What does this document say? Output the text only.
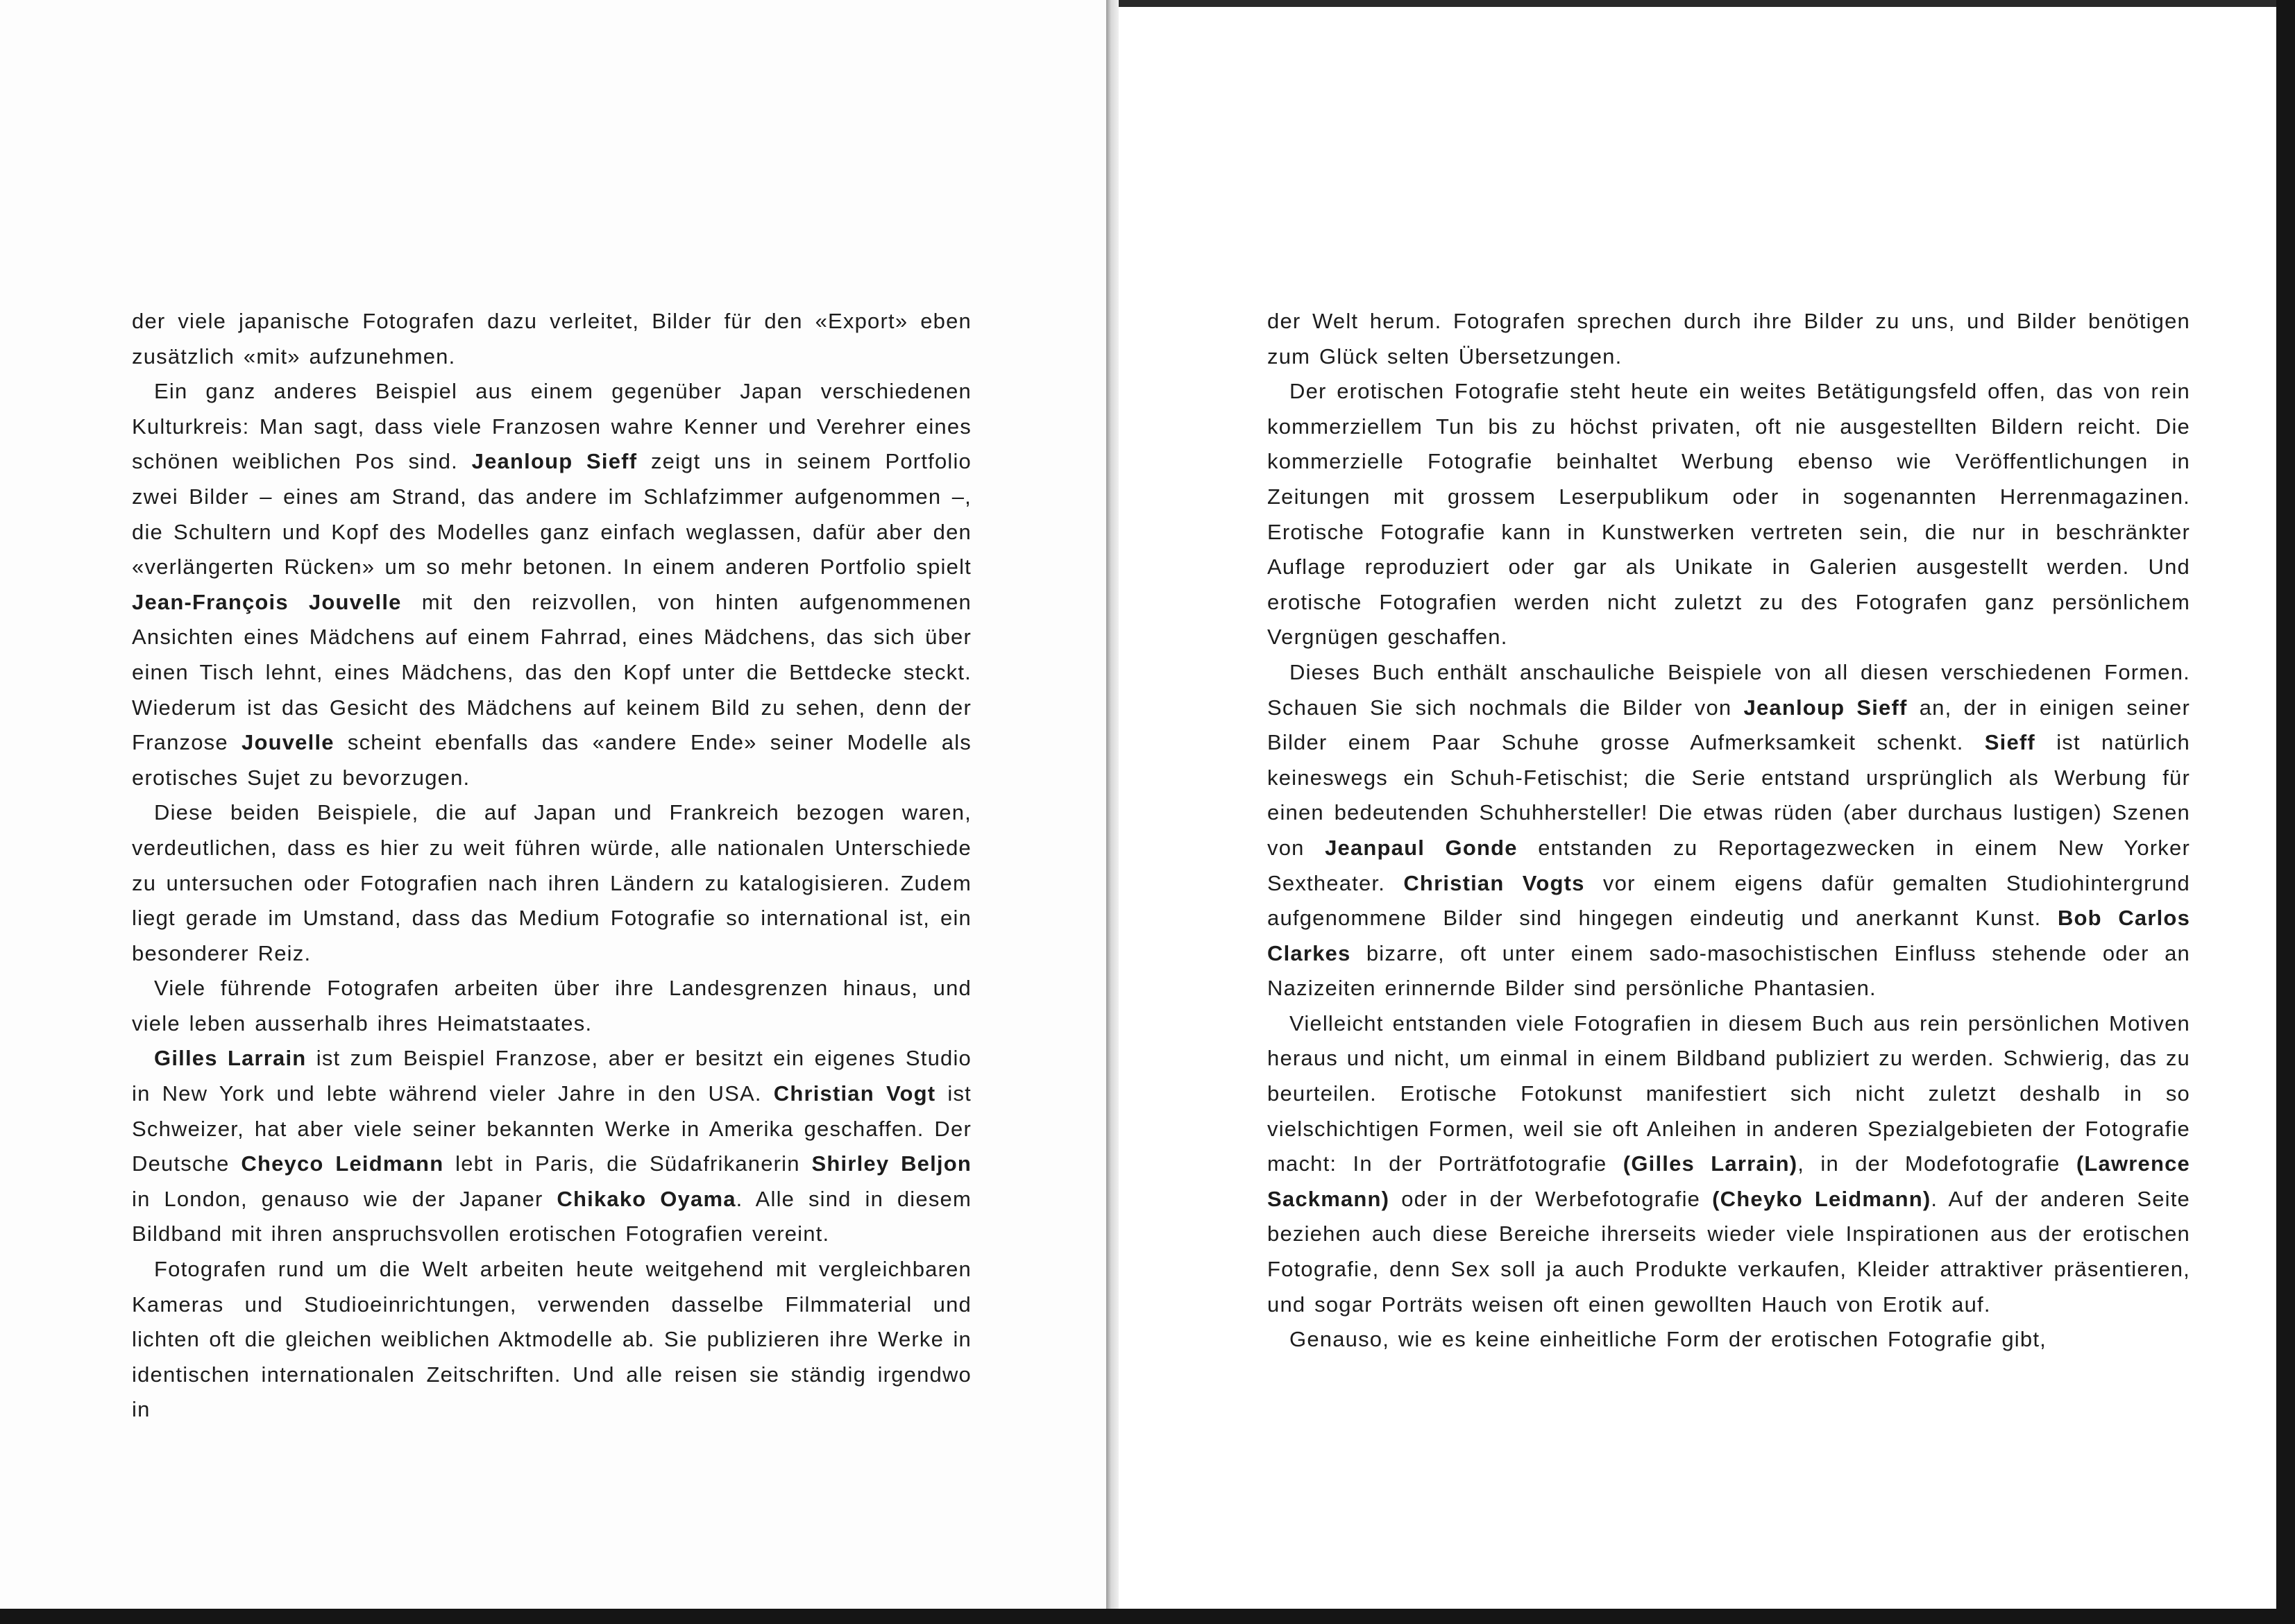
der viele japanische Fotografen dazu verleitet, Bilder für den «Export» eben zusätzlich «mit» aufzunehmen.

Ein ganz anderes Beispiel aus einem gegenüber Japan verschiedenen Kulturkreis: Man sagt, dass viele Franzosen wahre Kenner und Verehrer eines schönen weiblichen Pos sind. Jeanloup Sieff zeigt uns in seinem Portfolio zwei Bilder – eines am Strand, das andere im Schlafzimmer aufgenommen –, die Schultern und Kopf des Modelles ganz einfach weglassen, dafür aber den «verlängerten Rücken» um so mehr betonen. In einem anderen Portfolio spielt Jean-François Jouvelle mit den reizvollen, von hinten aufgenommenen Ansichten eines Mädchens auf einem Fahrrad, eines Mädchens, das sich über einen Tisch lehnt, eines Mädchens, das den Kopf unter die Bettdecke steckt. Wiederum ist das Gesicht des Mädchens auf keinem Bild zu sehen, denn der Franzose Jouvelle scheint ebenfalls das «andere Ende» seiner Modelle als erotisches Sujet zu bevorzugen.

Diese beiden Beispiele, die auf Japan und Frankreich bezogen waren, verdeutlichen, dass es hier zu weit führen würde, alle nationalen Unterschiede zu untersuchen oder Fotografien nach ihren Ländern zu katalogisieren. Zudem liegt gerade im Umstand, dass das Medium Fotografie so international ist, ein besonderer Reiz.

Viele führende Fotografen arbeiten über ihre Landesgrenzen hinaus, und viele leben ausserhalb ihres Heimatstaates.

Gilles Larrain ist zum Beispiel Franzose, aber er besitzt ein eigenes Studio in New York und lebte während vieler Jahre in den USA. Christian Vogt ist Schweizer, hat aber viele seiner bekannten Werke in Amerika geschaffen. Der Deutsche Cheyco Leidmann lebt in Paris, die Südafrikanerin Shirley Beljon in London, genauso wie der Japaner Chikako Oyama. Alle sind in diesem Bildband mit ihren anspruchsvollen erotischen Fotografien vereint.

Fotografen rund um die Welt arbeiten heute weitgehend mit vergleichbaren Kameras und Studioeinrichtungen, verwenden dasselbe Filmmaterial und lichten oft die gleichen weiblichen Aktmodelle ab. Sie publizieren ihre Werke in identischen internationalen Zeitschriften. Und alle reisen sie ständig irgendwo in

der Welt herum. Fotografen sprechen durch ihre Bilder zu uns, und Bilder benötigen zum Glück selten Übersetzungen.

Der erotischen Fotografie steht heute ein weites Betätigungsfeld offen, das von rein kommerziellem Tun bis zu höchst privaten, oft nie ausgestellten Bildern reicht. Die kommerzielle Fotografie beinhaltet Werbung ebenso wie Veröffentlichungen in Zeitungen mit grossem Leserpublikum oder in sogenannten Herrenmagazinen. Erotische Fotografie kann in Kunstwerken vertreten sein, die nur in beschränkter Auflage reproduziert oder gar als Unikate in Galerien ausgestellt werden. Und erotische Fotografien werden nicht zuletzt zu des Fotografen ganz persönlichem Vergnügen geschaffen.

Dieses Buch enthält anschauliche Beispiele von all diesen verschiedenen Formen. Schauen Sie sich nochmals die Bilder von Jeanloup Sieff an, der in einigen seiner Bilder einem Paar Schuhe grosse Aufmerksamkeit schenkt. Sieff ist natürlich keineswegs ein Schuh-Fetischist; die Serie entstand ursprünglich als Werbung für einen bedeutenden Schuhhersteller! Die etwas rüden (aber durchaus lustigen) Szenen von Jeanpaul Gonde entstanden zu Reportagezwecken in einem New Yorker Sextheater. Christian Vogts vor einem eigens dafür gemalten Studiohintergrund aufgenommene Bilder sind hingegen eindeutig und anerkannt Kunst. Bob Carlos Clarkes bizarre, oft unter einem sado-masochistischen Einfluss stehende oder an Nazizeiten erinnernde Bilder sind persönliche Phantasien.

Vielleicht entstanden viele Fotografien in diesem Buch aus rein persönlichen Motiven heraus und nicht, um einmal in einem Bildband publiziert zu werden. Schwierig, das zu beurteilen. Erotische Fotokunst manifestiert sich nicht zuletzt deshalb in so vielschichtigen Formen, weil sie oft Anleihen in anderen Spezialgebieten der Fotografie macht: In der Porträtfotografie (Gilles Larrain), in der Modefotografie (Lawrence Sackmann) oder in der Werbefotografie (Cheyko Leidmann). Auf der anderen Seite beziehen auch diese Bereiche ihrerseits wieder viele Inspirationen aus der erotischen Fotografie, denn Sex soll ja auch Produkte verkaufen, Kleider attraktiver präsentieren, und sogar Porträts weisen oft einen gewollten Hauch von Erotik auf.

Genauso, wie es keine einheitliche Form der erotischen Fotografie gibt,
